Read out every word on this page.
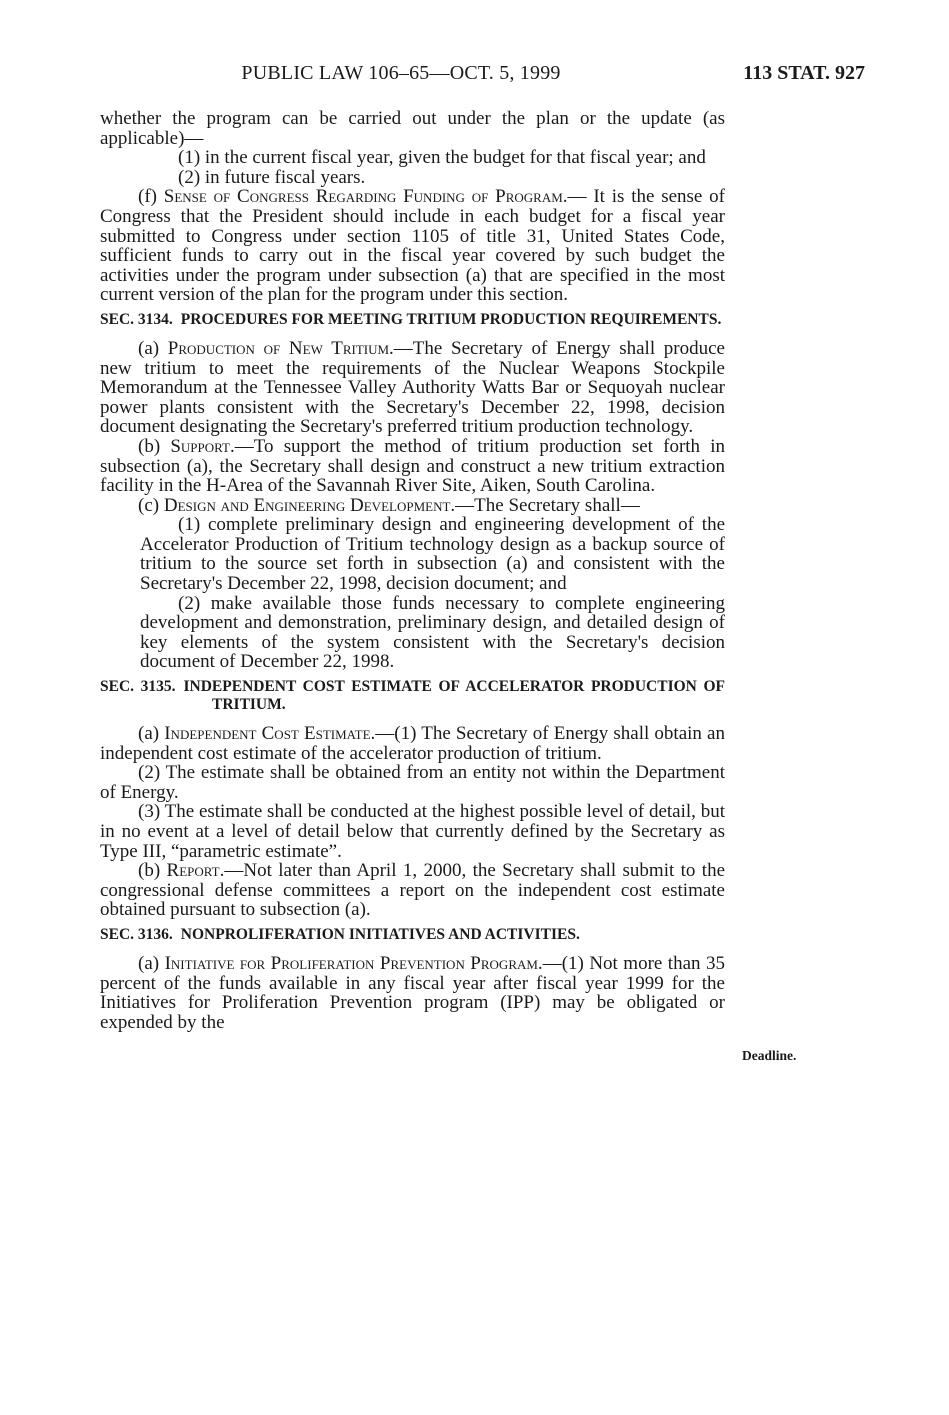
PUBLIC LAW 106–65—OCT. 5, 1999	113 STAT. 927

whether the program can be carried out under the plan or the update (as applicable)—

(1) in the current fiscal year, given the budget for that fiscal year; and

(2) in future fiscal years.

(f) Sense of Congress Regarding Funding of Program.— It is the sense of Congress that the President should include in each budget for a fiscal year submitted to Congress under section 1105 of title 31, United States Code, sufficient funds to carry out in the fiscal year covered by such budget the activities under the program under subsection (a) that are specified in the most current version of the plan for the program under this section.

SEC. 3134. PROCEDURES FOR MEETING TRITIUM PRODUCTION REQUIREMENTS.

(a) Production of New Tritium.—The Secretary of Energy shall produce new tritium to meet the requirements of the Nuclear Weapons Stockpile Memorandum at the Tennessee Valley Authority Watts Bar or Sequoyah nuclear power plants consistent with the Secretary's December 22, 1998, decision document designating the Secretary's preferred tritium production technology.

(b) Support.—To support the method of tritium production set forth in subsection (a), the Secretary shall design and construct a new tritium extraction facility in the H-Area of the Savannah River Site, Aiken, South Carolina.

(c) Design and Engineering Development.—The Secretary shall—

(1) complete preliminary design and engineering development of the Accelerator Production of Tritium technology design as a backup source of tritium to the source set forth in subsection (a) and consistent with the Secretary's December 22, 1998, decision document; and

(2) make available those funds necessary to complete engineering development and demonstration, preliminary design, and detailed design of key elements of the system consistent with the Secretary's decision document of December 22, 1998.

SEC. 3135. INDEPENDENT COST ESTIMATE OF ACCELERATOR PRODUCTION OF TRITIUM.

(a) Independent Cost Estimate.—(1) The Secretary of Energy shall obtain an independent cost estimate of the accelerator production of tritium.

(2) The estimate shall be obtained from an entity not within the Department of Energy.

(3) The estimate shall be conducted at the highest possible level of detail, but in no event at a level of detail below that currently defined by the Secretary as Type III, “parametric estimate”.

(b) Report.—Not later than April 1, 2000, the Secretary shall submit to the congressional defense committees a report on the independent cost estimate obtained pursuant to subsection (a).

SEC. 3136. NONPROLIFERATION INITIATIVES AND ACTIVITIES.

(a) Initiative for Proliferation Prevention Program.—(1) Not more than 35 percent of the funds available in any fiscal year after fiscal year 1999 for the Initiatives for Proliferation Prevention program (IPP) may be obligated or expended by the

Deadline.
